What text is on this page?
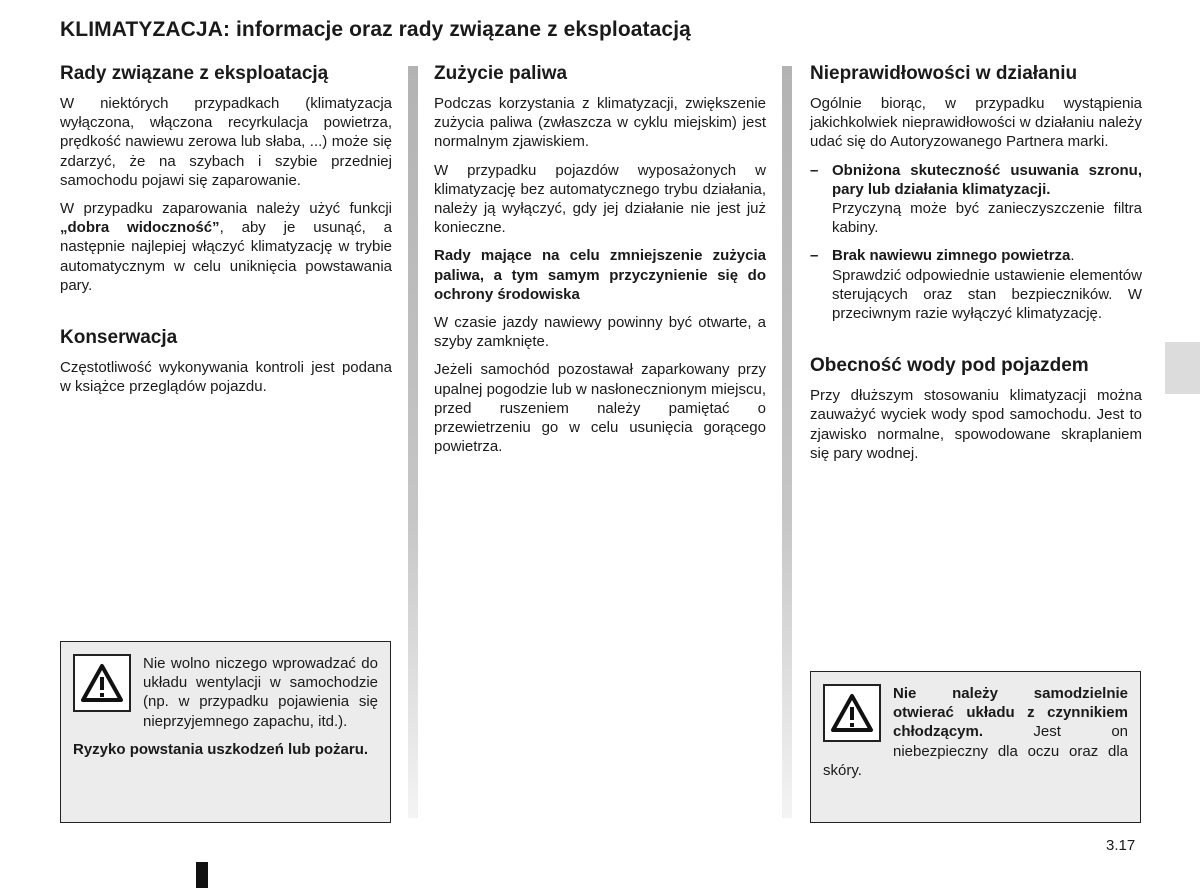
KLIMATYZACJA: informacje oraz rady związane z eksploatacją
Rady związane z eksploatacją

W niektórych przypadkach (klimatyzacja wyłączona, włączona recyrkulacja powietrza, prędkość nawiewu zerowa lub słaba, ...) może się zdarzyć, że na szybach i szybie przedniej samochodu pojawi się zaparowanie.

W przypadku zaparowania należy użyć funkcji „dobra widoczność”, aby je usunąć, a następnie najlepiej włączyć klimatyzację w trybie automatycznym w celu uniknięcia powstawania pary.

Konserwacja

Częstotliwość wykonywania kontroli jest podana w książce przeglądów pojazdu.

Zużycie paliwa

Podczas korzystania z klimatyzacji, zwiększenie zużycia paliwa (zwłaszcza w cyklu miejskim) jest normalnym zjawiskiem.

W przypadku pojazdów wyposażonych w klimatyzację bez automatycznego trybu działania, należy ją wyłączyć, gdy jej działanie nie jest już konieczne.

Rady mające na celu zmniejszenie zużycia paliwa, a tym samym przyczynienie się do ochrony środowiska

W czasie jazdy nawiewy powinny być otwarte, a szyby zamknięte.

Jeżeli samochód pozostawał zaparkowany przy upalnej pogodzie lub w nasłonecznionym miejscu, przed ruszeniem należy pamiętać o przewietrzeniu go w celu usunięcia gorącego powietrza.

Nieprawidłowości w działaniu

Ogólnie biorąc, w przypadku wystąpienia jakichkolwiek nieprawidłowości w działaniu należy udać się do Autoryzowanego Partnera marki.

– Obniżona skuteczność usuwania szronu, pary lub działania klimatyzacji.
Przyczyną może być zanieczyszczenie filtra kabiny.
– Brak nawiewu zimnego powietrza.
Sprawdzić odpowiednie ustawienie elementów sterujących oraz stan bezpieczników. W przeciwnym razie wyłączyć klimatyzację.
Obecność wody pod pojazdem

Przy dłuższym stosowaniu klimatyzacji można zauważyć wyciek wody spod samochodu. Jest to zjawisko normalne, spowodowane skraplaniem się pary wodnej.

Nie wolno niczego wprowadzać do układu wentylacji w samochodzie (np. w przypadku pojawienia się nieprzyjemnego zapachu, itd.).

Ryzyko powstania uszkodzeń lub pożaru.

Nie należy samodzielnie otwierać układu z czynnikiem chłodzącym. Jest on niebezpieczny dla oczu oraz dla skóry.

3.17
